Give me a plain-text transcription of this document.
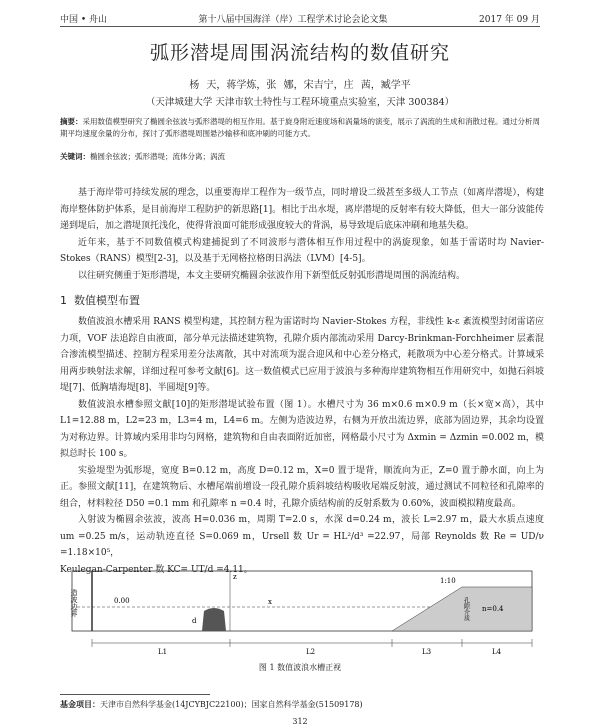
中国 • 舟山	第十八届中国海洋（岸）工程学术讨论会论文集	2017 年 09 月
弧形潜堤周围涡流结构的数值研究
杨 天，蒋学炼，张 娜，宋吉宁，庄 茜，臧学平
（天津城建大学 天津市软土特性与工程环境重点实验室，天津 300384）
摘要：采用数值模型研究了椭圆余弦波与弧形潜堤的相互作用。基于旋身附近速度场和涡量场的演变，展示了涡流的生成和消散过程。通过分析周期平均速度余量的分布，探讨了弧形潜堤周围悬沙输移和底冲刷的可能方式。
关键词：椭圆余弦波；弧形潜堤；流体分离；涡流

基于海岸带可持续发展的理念，以重要海岸工程作为一级节点，同时增设二级甚至多级人工节点（如离岸潜堤），构建海岸整体防护体系，是目前海岸工程防护的新思路[1]。相比于出水堤，离岸潜堤的反射率有较大降低，但大一部分波能传递到堤后，加之潜堤顶托浅化，使得背浪面可能形成强度较大的背涡，易导致堤后底床冲刷和地基失稳。

近年来，基于不同数值模式构建捕捉到了不同波形与潜体相互作用过程中的涡旋现象，如基于雷诺时均 Navier-Stokes（RANS）模型[2-3]，以及基于无网格拉格朗日涡法（LVM）[4-5]。

以往研究侧重于矩形潜堤，本文主要研究椭圆余弦波作用下新型低反射弧形潜堤周围的涡流结构。

1 数值模型布置

数值波浪水槽采用 RANS 模型构建，其控制方程为雷诺时均 Navier-Stokes 方程，非线性 k-ε 紊流模型封闭雷诺应力项，VOF 法追踪自由液面，部分单元法描述建筑物，孔隙介质内部流动采用 Darcy-Brinkman-Forchheimer 层紊混合渗流模型描述、控制方程采用差分法离散，其中对流项为混合迎风和中心差分格式，耗散项为中心差分格式。计算域采用两步映射法求解，详细过程可参考文献[6]。这一数值模式已应用于波浪与多种海岸建筑物相互作用研究中，如抛石斜坡堤[7]、低胸墙海堤[8]、半圆堤[9]等。

数值波浪水槽参照文献[10]的矩形潜堤试验布置（图 1）。水槽尺寸为 36 m×0.6 m×0.9 m（长×宽×高），其中 L1=12.88 m，L2=23 m，L3=4 m，L4=6 m。左侧为造波边界，右侧为开放出流边界，底部为固边界，其余均设置为对称边界。计算域内采用非均匀网格，建筑物和自由表面附近加密，网格最小尺寸为 Δxmin = Δzmin =0.002 m，模拟总时长 100 s。

实验堤型为弧形堤，宽度 B=0.12 m，高度 D=0.12 m，X=0 置于堤背，顺流向为正，Z=0 置于静水面，向上为正。参照文献[11]，在建筑物后、水槽尾端前增设一段孔隙介质斜坡结构吸收尾端反射波，通过测试不同粒径和孔隙率的组合，材料粒径 D50 =0.1 mm 和孔隙率 n =0.4 时，孔隙介质结构前的反射系数为 0.60%，波面模拟精度最高。

入射波为椭圆余弦波，波高 H=0.036 m，周期 T=2.0 s，水深 d=0.24 m，波长 L=2.97 m，最大水质点速度 um =0.25 m/s，运动轨迹直径 S=0.069 m，Ursell 数 Ur = HL²/d³ =22.97，局部 Reynolds 数 Re = UD/ν =1.18×10⁵，

Keulegan-Carpenter 数 KC= UT/d =4.11。

造波边界	0.00
z
x
d
1:10
n=0.4
孔隙介质
L1	L2	L3	L4
图 1 数值波浪水槽正视
基金项目：天津市自然科学基金(14JCYBJC22100)；国家自然科学基金(51509178)
312
